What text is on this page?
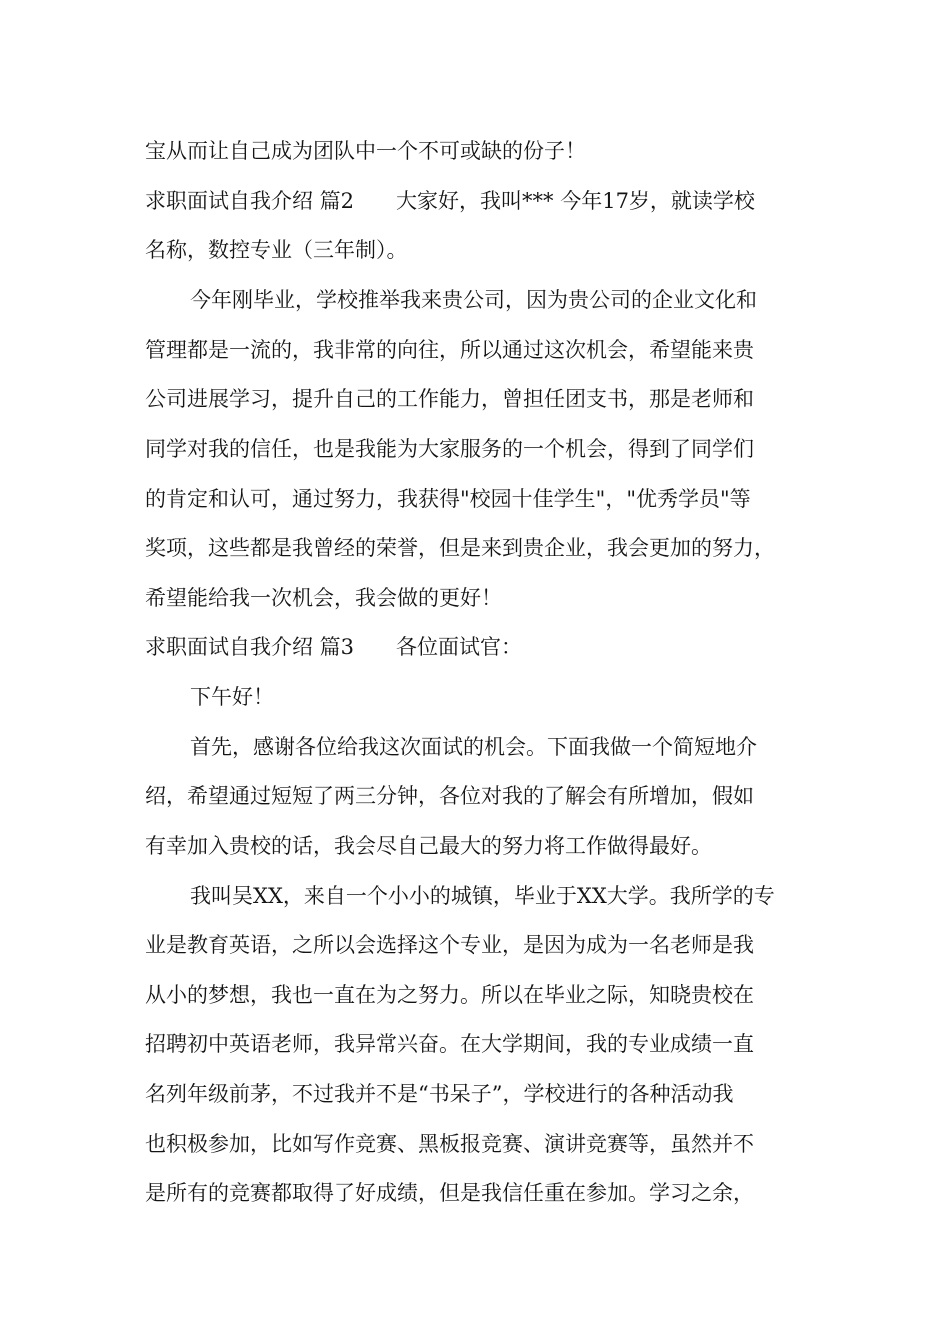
宝从而让自己成为团队中一个不可或缺的份子！
求职面试自我介绍 篇2　　大家好，我叫*** 今年17岁，就读学校
名称，数控专业（三年制）。
今年刚毕业，学校推举我来贵公司，因为贵公司的企业文化和
管理都是一流的，我非常的向往，所以通过这次机会，希望能来贵
公司进展学习，提升自己的工作能力，曾担任团支书，那是老师和
同学对我的信任，也是我能为大家服务的一个机会，得到了同学们
的肯定和认可，通过努力，我获得"校园十佳学生"，"优秀学员"等
奖项，这些都是我曾经的荣誉，但是来到贵企业，我会更加的努力，
希望能给我一次机会，我会做的更好！
求职面试自我介绍 篇3　　各位面试官：
下午好！
首先，感谢各位给我这次面试的机会。下面我做一个简短地介
绍，希望通过短短了两三分钟，各位对我的了解会有所增加，假如
有幸加入贵校的话，我会尽自己最大的努力将工作做得最好。
我叫吴XX，来自一个小小的城镇，毕业于XX大学。我所学的专
业是教育英语，之所以会选择这个专业，是因为成为一名老师是我
从小的梦想，我也一直在为之努力。所以在毕业之际，知晓贵校在
招聘初中英语老师，我异常兴奋。在大学期间，我的专业成绩一直
名列年级前茅，不过我并不是“书呆子”，学校进行的各种活动我
也积极参加，比如写作竞赛、黑板报竞赛、演讲竞赛等，虽然并不
是所有的竞赛都取得了好成绩，但是我信任重在参加。学习之余，
